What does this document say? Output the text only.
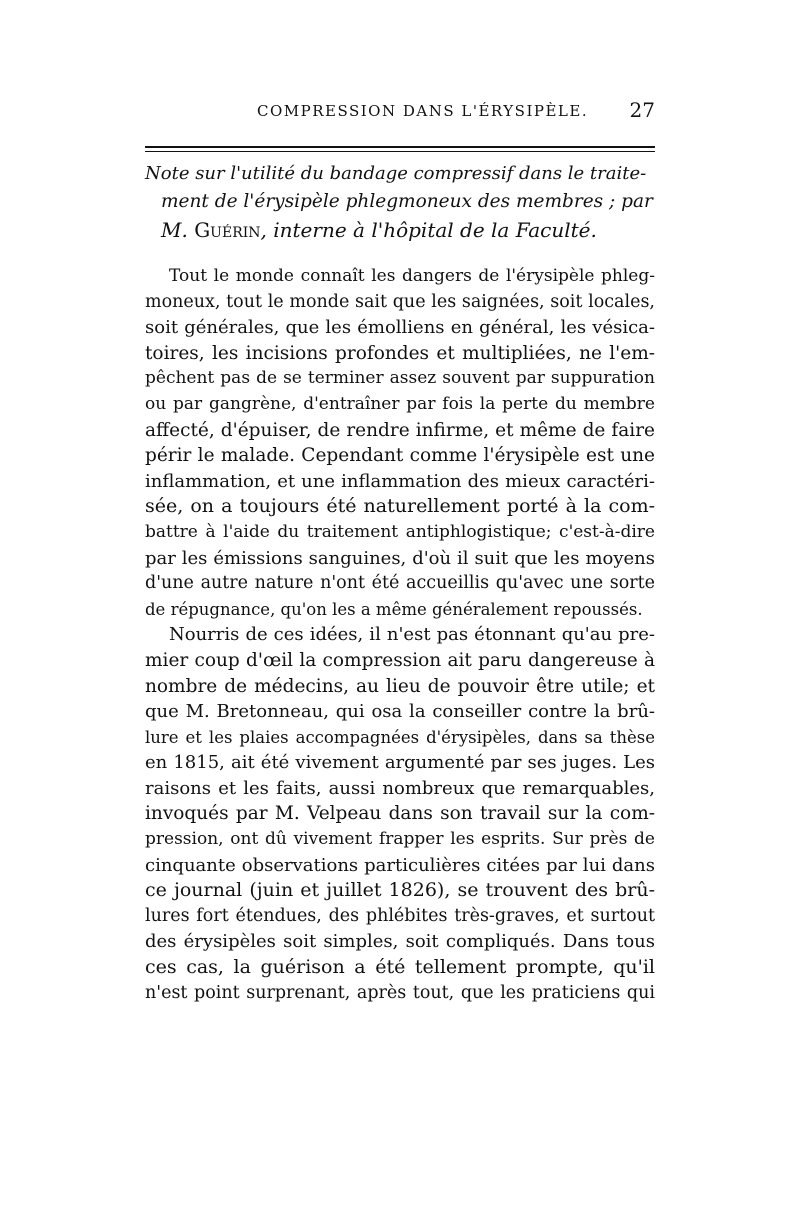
COMPRESSION DANS L'ÉRYSIPÈLE. 27
Note sur l'utilité du bandage compressif dans le traite-
ment de l'érysipèle phlegmoneux des membres ; par
M. Guérin, interne à l'hôpital de la Faculté.
Tout le monde connaît les dangers de l'érysipèle phleg-
moneux, tout le monde sait que les saignées, soit locales,
soit générales, que les émolliens en général, les vésica-
toires, les incisions profondes et multipliées, ne l'em-
pêchent pas de se terminer assez souvent par suppuration
ou par gangrène, d'entraîner par fois la perte du membre
affecté, d'épuiser, de rendre infirme, et même de faire
périr le malade. Cependant comme l'érysipèle est une
inflammation, et une inflammation des mieux caractéri-
sée, on a toujours été naturellement porté à la com-
battre à l'aide du traitement antiphlogistique; c'est-à-dire
par les émissions sanguines, d'où il suit que les moyens
d'une autre nature n'ont été accueillis qu'avec une sorte
de répugnance, qu'on les a même généralement repoussés.
Nourris de ces idées, il n'est pas étonnant qu'au pre-
mier coup d'œil la compression ait paru dangereuse à
nombre de médecins, au lieu de pouvoir être utile; et
que M. Bretonneau, qui osa la conseiller contre la brû-
lure et les plaies accompagnées d'érysipèles, dans sa thèse
en 1815, ait été vivement argumenté par ses juges. Les
raisons et les faits, aussi nombreux que remarquables,
invoqués par M. Velpeau dans son travail sur la com-
pression, ont dû vivement frapper les esprits. Sur près de
cinquante observations particulières citées par lui dans
ce journal (juin et juillet 1826), se trouvent des brû-
lures fort étendues, des phlébites très-graves, et surtout
des érysipèles soit simples, soit compliqués. Dans tous
ces cas, la guérison a été tellement prompte, qu'il
n'est point surprenant, après tout, que les praticiens qui
